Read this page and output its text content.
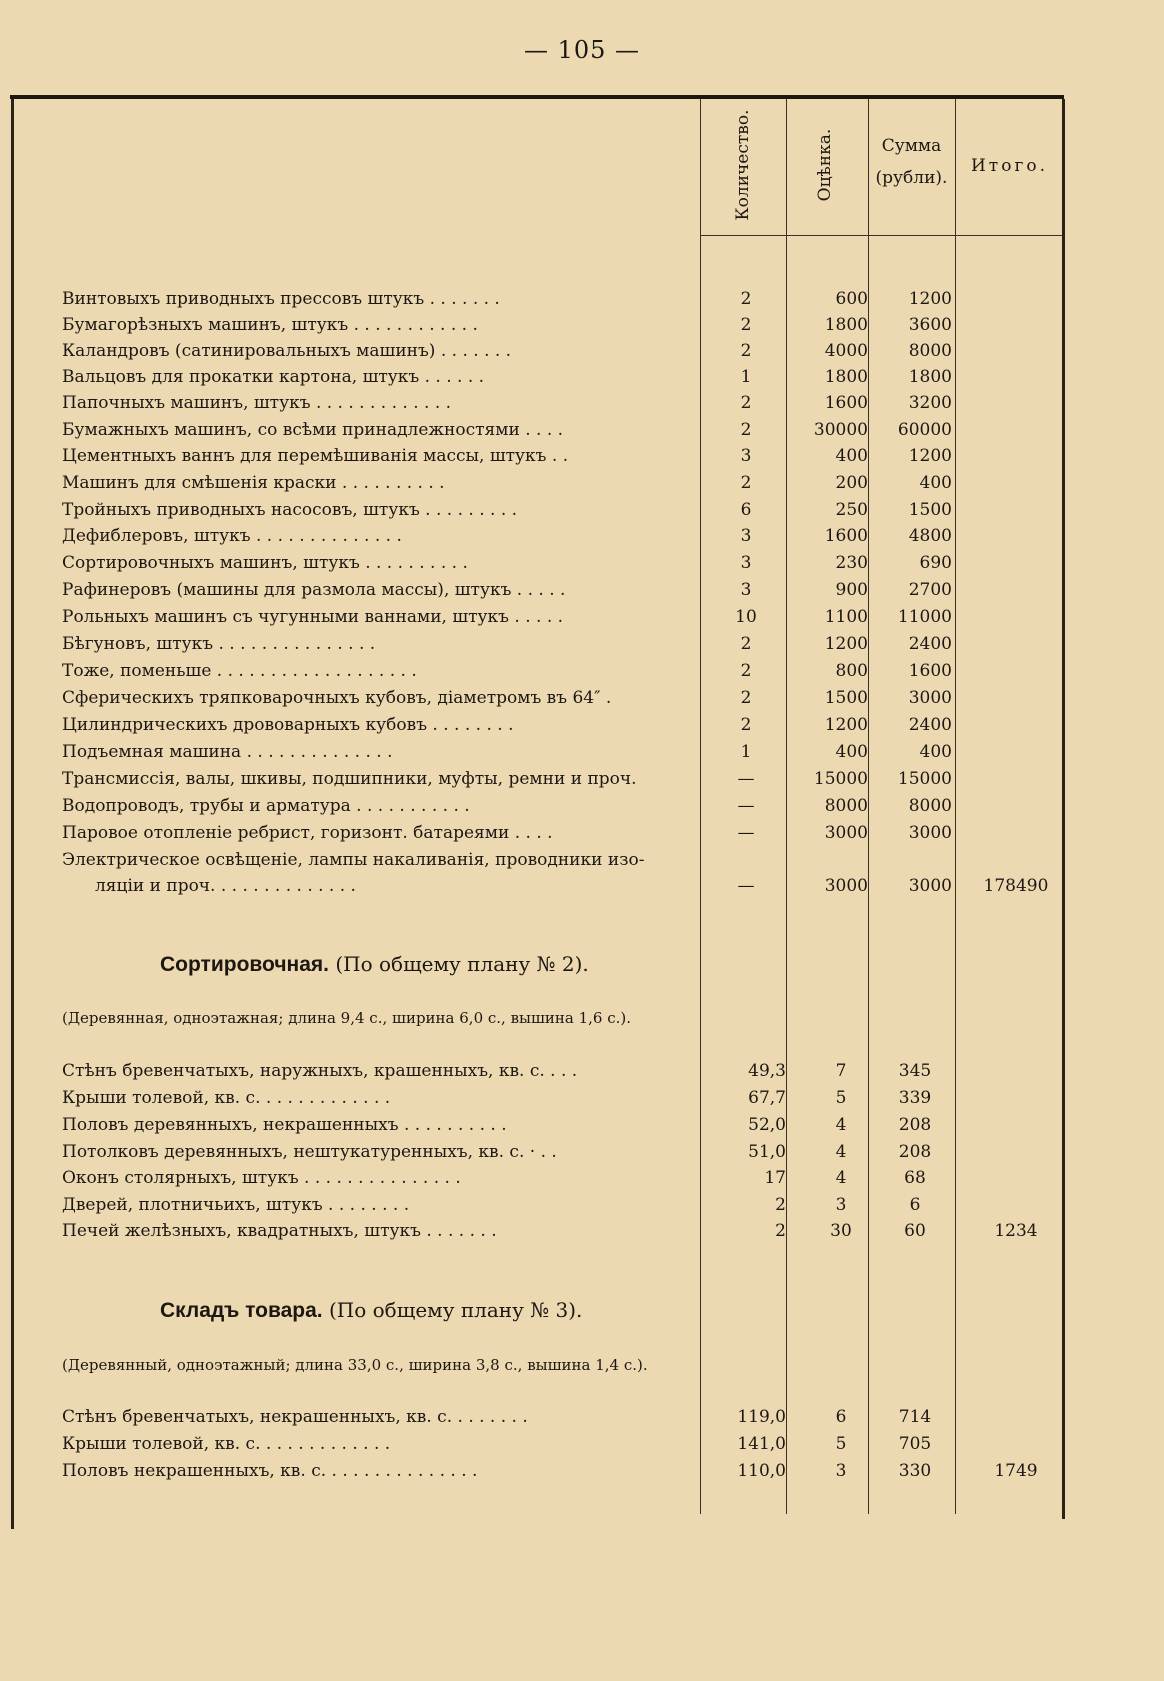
— 105 —
Количество.	Оцѣнка.	Сумма
(рубли).
Итого.
Винтовыхъ приводныхъ прессовъ штукъ . . . . . . .	2	600	1200
Бумагорѣзныхъ машинъ, штукъ . . . . . . . . . . . .	2	1800	3600
Каландровъ (сатинировальныхъ машинъ) . . . . . . .	2	4000	8000
Вальцовъ для прокатки картона, штукъ . . . . . .	1	1800	1800
Папочныхъ машинъ, штукъ . . . . . . . . . . . . .	2	1600	3200
Бумажныхъ машинъ, со всѣми принадлежностями . . . .	2	30000	60000
Цементныхъ ваннъ для перемѣшиванія массы, штукъ . .	3	400	1200
Машинъ для смѣшенія краски . . . . . . . . . .	2	200	400
Тройныхъ приводныхъ насосовъ, штукъ . . . . . . . . .	6	250	1500
Дефиблеровъ, штукъ . . . . . . . . . . . . . .	3	1600	4800
Сортировочныхъ машинъ, штукъ . . . . . . . . . .	3	230	690
Рафинеровъ (машины для размола массы), штукъ . . . . .	3	900	2700
Рольныхъ машинъ съ чугунными ваннами, штукъ . . . . .	10	1100	11000
Бѣгуновъ, штукъ . . . . . . . . . . . . . . .	2	1200	2400
Тоже, поменьше . . . . . . . . . . . . . . . . . . .	2	800	1600
Сферическихъ тряпковарочныхъ кубовъ, діаметромъ въ 64″ .	2	1500	3000
Цилиндрическихъ дрововарныхъ кубовъ . . . . . . . .	2	1200	2400
Подъемная машина . . . . . . . . . . . . . .	1	400	400
Трансмиссія, валы, шкивы, подшипники, муфты, ремни и проч.	—	15000	15000
Водопроводъ, трубы и арматура . . . . . . . . . . .	—	8000	8000
Паровое отопленіе ребрист, горизонт. батареями . . . .	—	3000	3000
Электрическое освѣщеніе, лампы накаливанія, проводники изо-
ляціи и проч. . . . . . . . . . . . . .	—	3000	3000	178490
Сортировочная. (По общему плану № 2).
(Деревянная, одноэтажная; длина 9,4 с., ширина 6,0 с., вышина 1,6 с.).
Стѣнъ бревенчатыхъ, наружныхъ, крашенныхъ, кв. с. . . .	49,3	7	345
Крыши толевой, кв. с. . . . . . . . . . . . .	67,7	5	339
Половъ деревянныхъ, некрашенныхъ . . . . . . . . . .	52,0	4	208
Потолковъ деревянныхъ, нештукатуренныхъ, кв. с. · . .	51,0	4	208
Оконъ столярныхъ, штукъ . . . . . . . . . . . . . . .	17	4	68
Дверей, плотничьихъ, штукъ . . . . . . . .	2	3	6
Печей желѣзныхъ, квадратныхъ, штукъ . . . . . . .	2	30	60	1234
Складъ товара. (По общему плану № 3).
(Деревянный, одноэтажный; длина 33,0 с., ширина 3,8 с., вышина 1,4 с.).
Стѣнъ бревенчатыхъ, некрашенныхъ, кв. с. . . . . . . .	119,0	6	714
Крыши толевой, кв. с. . . . . . . . . . . . .	141,0	5	705
Половъ некрашенныхъ, кв. с. . . . . . . . . . . . . . .	110,0	3	330	1749
